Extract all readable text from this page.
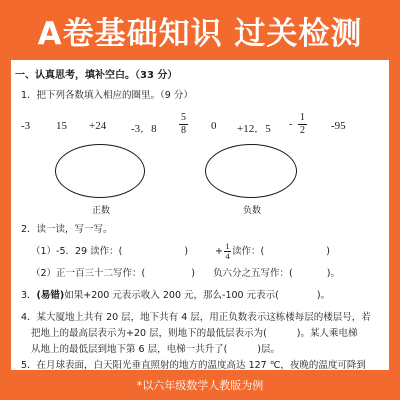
A卷基础知识 过关检测
一、认真思考，填补空白。（33 分）
1．把下列各数填入相应的圈里。（9 分）
-3 15 +24 -3．8
5
8 0 +12．5 -
1
2 -95
正数	负数
2．读一读，写一写。
（1）-5．29 读作：(	)	+ $\frac{1}{4}$ 读作：(	)
（2）正一百三十二写作：(	) 负六分之五写作：(	)。
3．(易错)如果+200 元表示收入 200 元，那么-100 元表示(	)。
4．某大厦地上共有 20 层，地下共有 4 层，用正负数表示这栋楼每层的楼层号，若
把地上的最高层表示为+20 层，则地下的最低层表示为(	)。某人乘电梯
从地上的最低层到地下第 6 层，电梯一共升了(	)层。
5．在月球表面，白天阳光垂直照射的地方的温度高达 127 ℃，夜晚的温度可降到
*以六年级数学人教版为例
